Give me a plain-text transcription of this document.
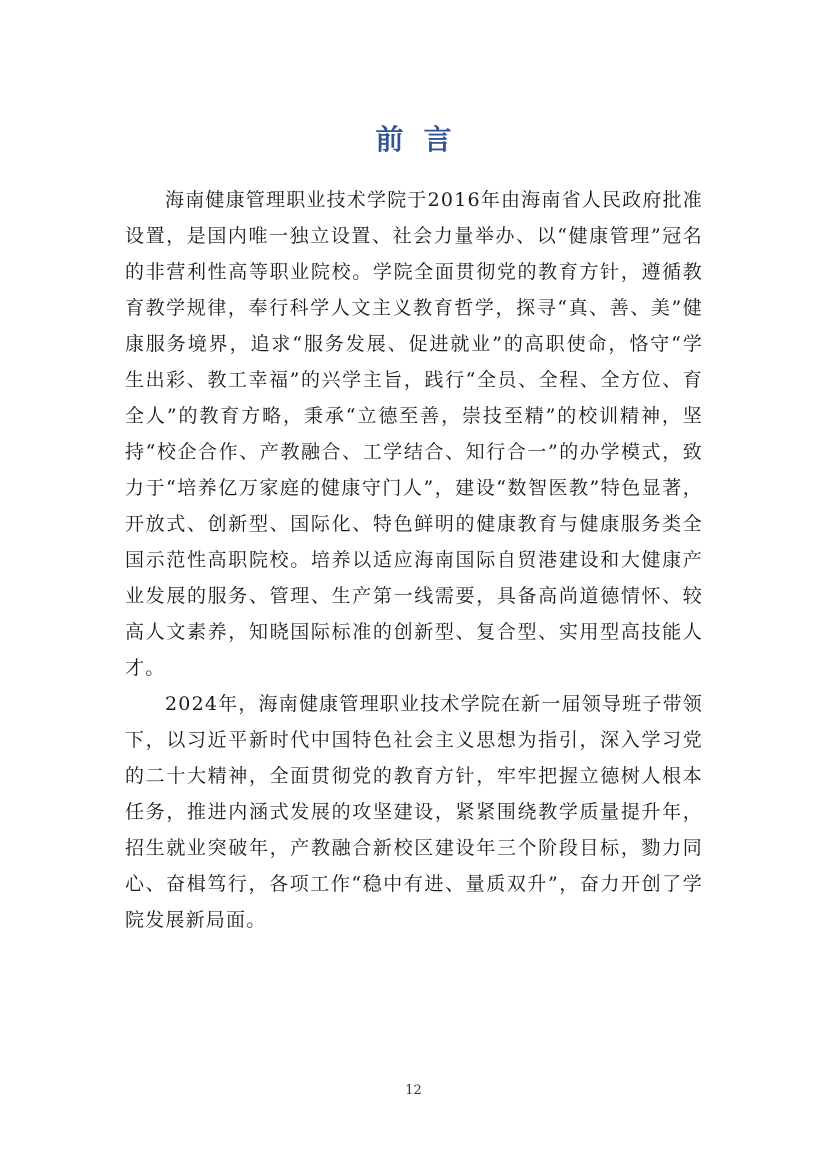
前言

海南健康管理职业技术学院于2016年由海南省人民政府批准设置，是国内唯一独立设置、社会力量举办、以“健康管理”冠名的非营利性高等职业院校。学院全面贯彻党的教育方针，遵循教育教学规律，奉行科学人文主义教育哲学，探寻“真、善、美”健康服务境界，追求“服务发展、促进就业”的高职使命，恪守“学生出彩、教工幸福”的兴学主旨，践行“全员、全程、全方位、育全人”的教育方略，秉承“立德至善，崇技至精”的校训精神，坚持“校企合作、产教融合、工学结合、知行合一”的办学模式，致力于“培养亿万家庭的健康守门人”，建设“数智医教”特色显著，开放式、创新型、国际化、特色鲜明的健康教育与健康服务类全国示范性高职院校。培养以适应海南国际自贸港建设和大健康产业发展的服务、管理、生产第一线需要，具备高尚道德情怀、较高人文素养，知晓国际标准的创新型、复合型、实用型高技能人才。

2024年，海南健康管理职业技术学院在新一届领导班子带领下，以习近平新时代中国特色社会主义思想为指引，深入学习党的二十大精神，全面贯彻党的教育方针，牢牢把握立德树人根本任务，推进内涵式发展的攻坚建设，紧紧围绕教学质量提升年，招生就业突破年，产教融合新校区建设年三个阶段目标，勠力同心、奋楫笃行，各项工作“稳中有进、量质双升”，奋力开创了学院发展新局面。

12
